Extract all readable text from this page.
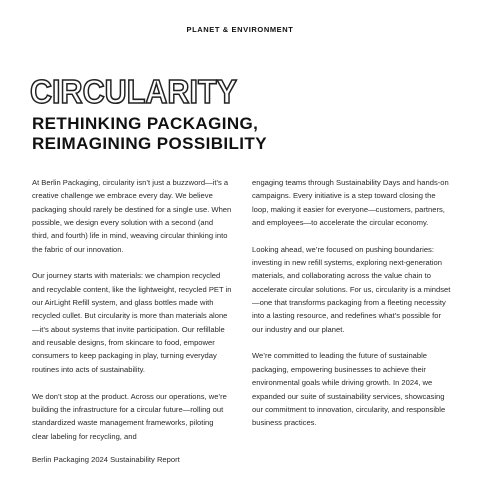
PLANET & ENVIRONMENT
CIRCULARITY
RETHINKING PACKAGING,
REIMAGINING POSSIBILITY

At Berlin Packaging, circularity isn’t just a buzzword—it’s a creative challenge we embrace every day. We believe packaging should rarely be destined for a single use. When possible, we design every solution with a second (and third, and fourth) life in mind, weaving circular thinking into the fabric of our innovation.

Our journey starts with materials: we champion recycled and recyclable content, like the lightweight, recycled PET in our AirLight Refill system, and glass bottles made with recycled cullet. But circularity is more than materials alone—it’s about systems that invite participation. Our refillable and reusable designs, from skincare to food, empower consumers to keep packaging in play, turning everyday routines into acts of sustainability.

We don’t stop at the product. Across our operations, we’re building the infrastructure for a circular future—rolling out standardized waste management frameworks, piloting clear labeling for recycling, and

engaging teams through Sustainability Days and hands-on campaigns. Every initiative is a step toward closing the loop, making it easier for everyone—customers, partners, and employees—to accelerate the circular economy.

Looking ahead, we’re focused on pushing boundaries: investing in new refill systems, exploring next-generation materials, and collaborating across the value chain to accelerate circular solutions. For us, circularity is a mindset—one that transforms packaging from a fleeting necessity into a lasting resource, and redefines what’s possible for our industry and our planet.

We’re committed to leading the future of sustainable packaging, empowering businesses to achieve their environmental goals while driving growth. In 2024, we expanded our suite of sustainability services, showcasing our commitment to innovation, circularity, and responsible business practices.

Berlin Packaging 2024 Sustainability Report
